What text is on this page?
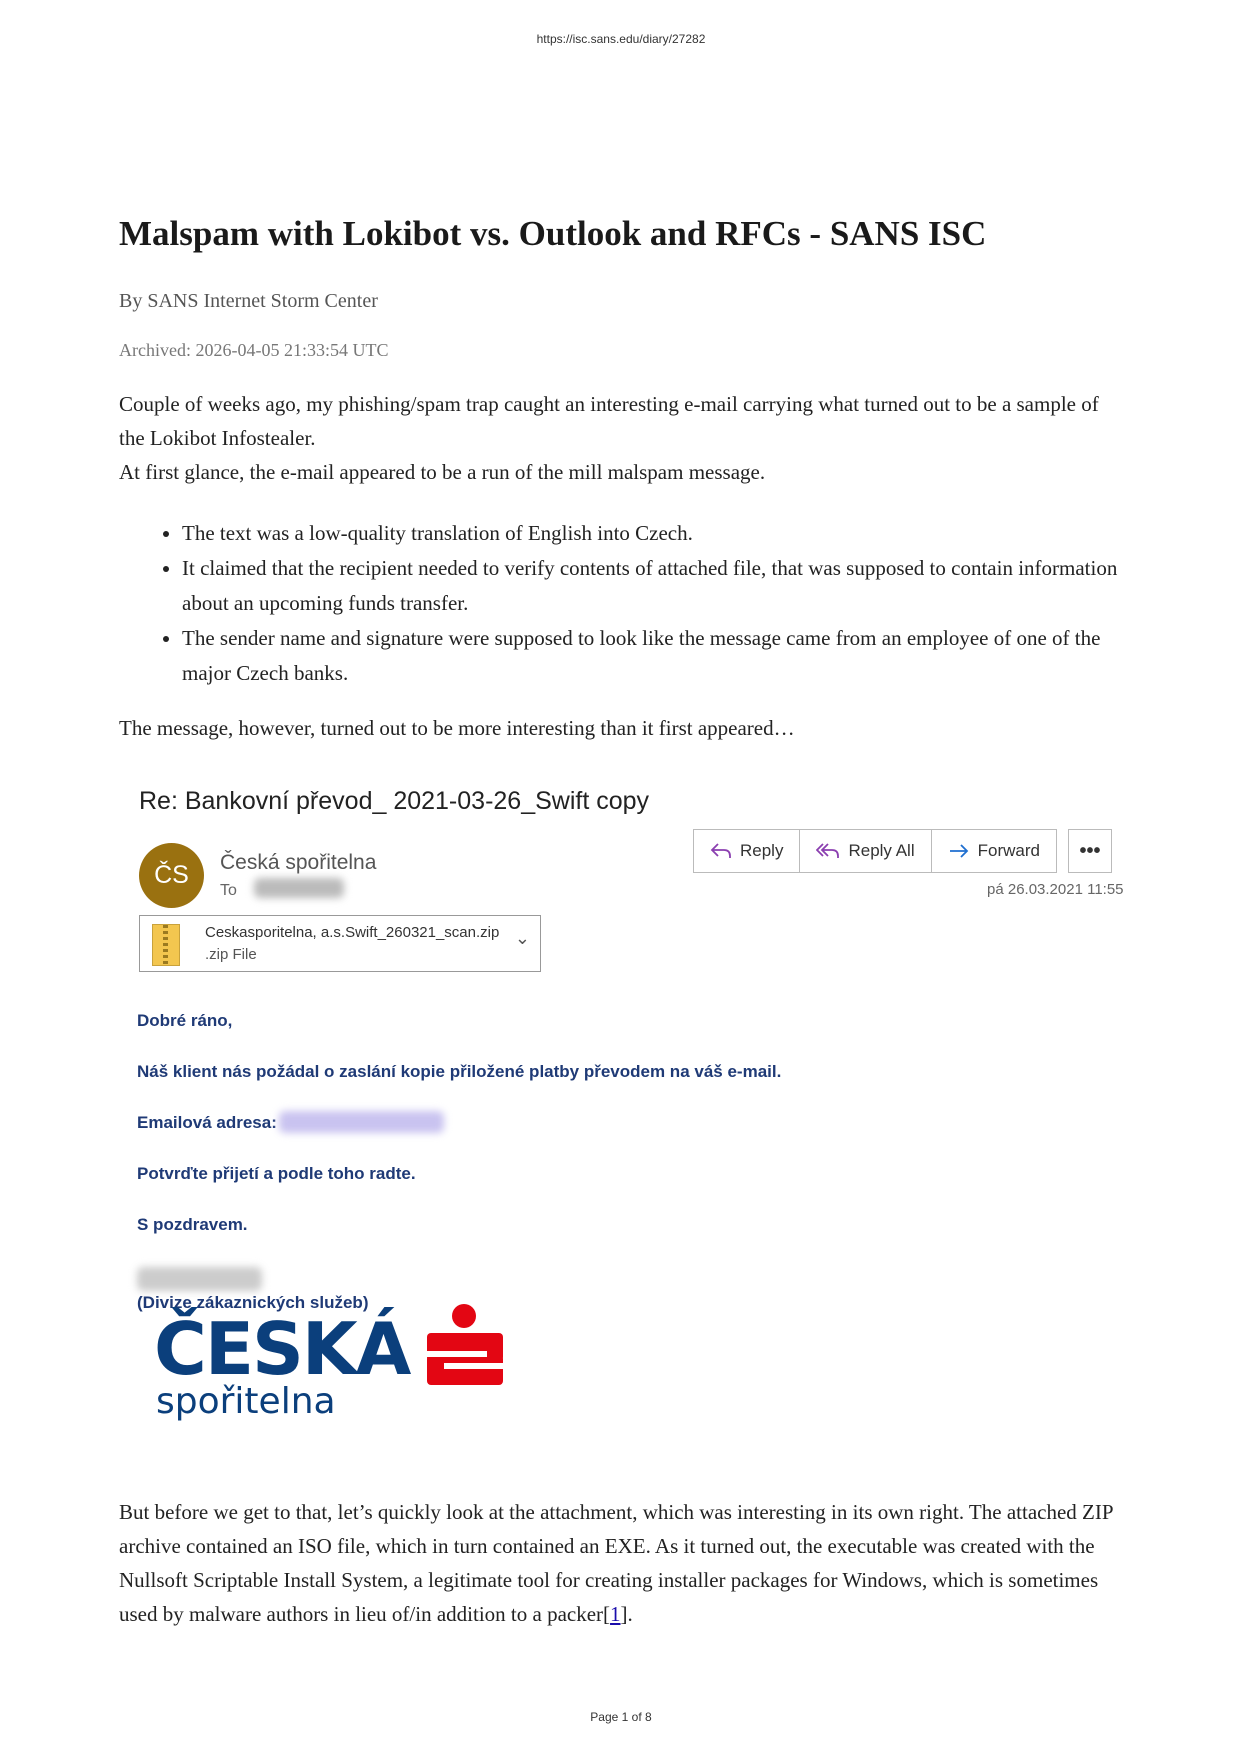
https://isc.sans.edu/diary/27282
Malspam with Lokibot vs. Outlook and RFCs - SANS ISC
By SANS Internet Storm Center
Archived: 2026-04-05 21:33:54 UTC
Couple of weeks ago, my phishing/spam trap caught an interesting e-mail carrying what turned out to be a sample of the Lokibot Infostealer.
At first glance, the e-mail appeared to be a run of the mill malspam message.
• The text was a low-quality translation of English into Czech.
• It claimed that the recipient needed to verify contents of attached file, that was supposed to contain information about an upcoming funds transfer.
• The sender name and signature were supposed to look like the message came from an employee of one of the major Czech banks.
The message, however, turned out to be more interesting than it first appeared…
But before we get to that, let’s quickly look at the attachment, which was interesting in its own right. The attached ZIP archive contained an ISO file, which in turn contained an EXE. As it turned out, the executable was created with the Nullsoft Scriptable Install System, a legitimate tool for creating installer packages for Windows, which is sometimes used by malware authors in lieu of/in addition to a packer[1].
Re: Bankovní převod_ 2021-03-26_Swift copy
ČS Česká spořitelna
To
Reply	Reply All	Forward •••
pá 26.03.2021 11:55
Ceskasporitelna, a.s.Swift_260321_scan.zip
.zip File
⌄
Dobré ráno,
Náš klient nás požádal o zaslání kopie přiložené platby převodem na váš e-mail.
Emailová adresa:
Potvrďte přijetí a podle toho radte.
S pozdravem.
(Divize zákaznických služeb)
ČESKÁ
spořitelna
Page 1 of 8
